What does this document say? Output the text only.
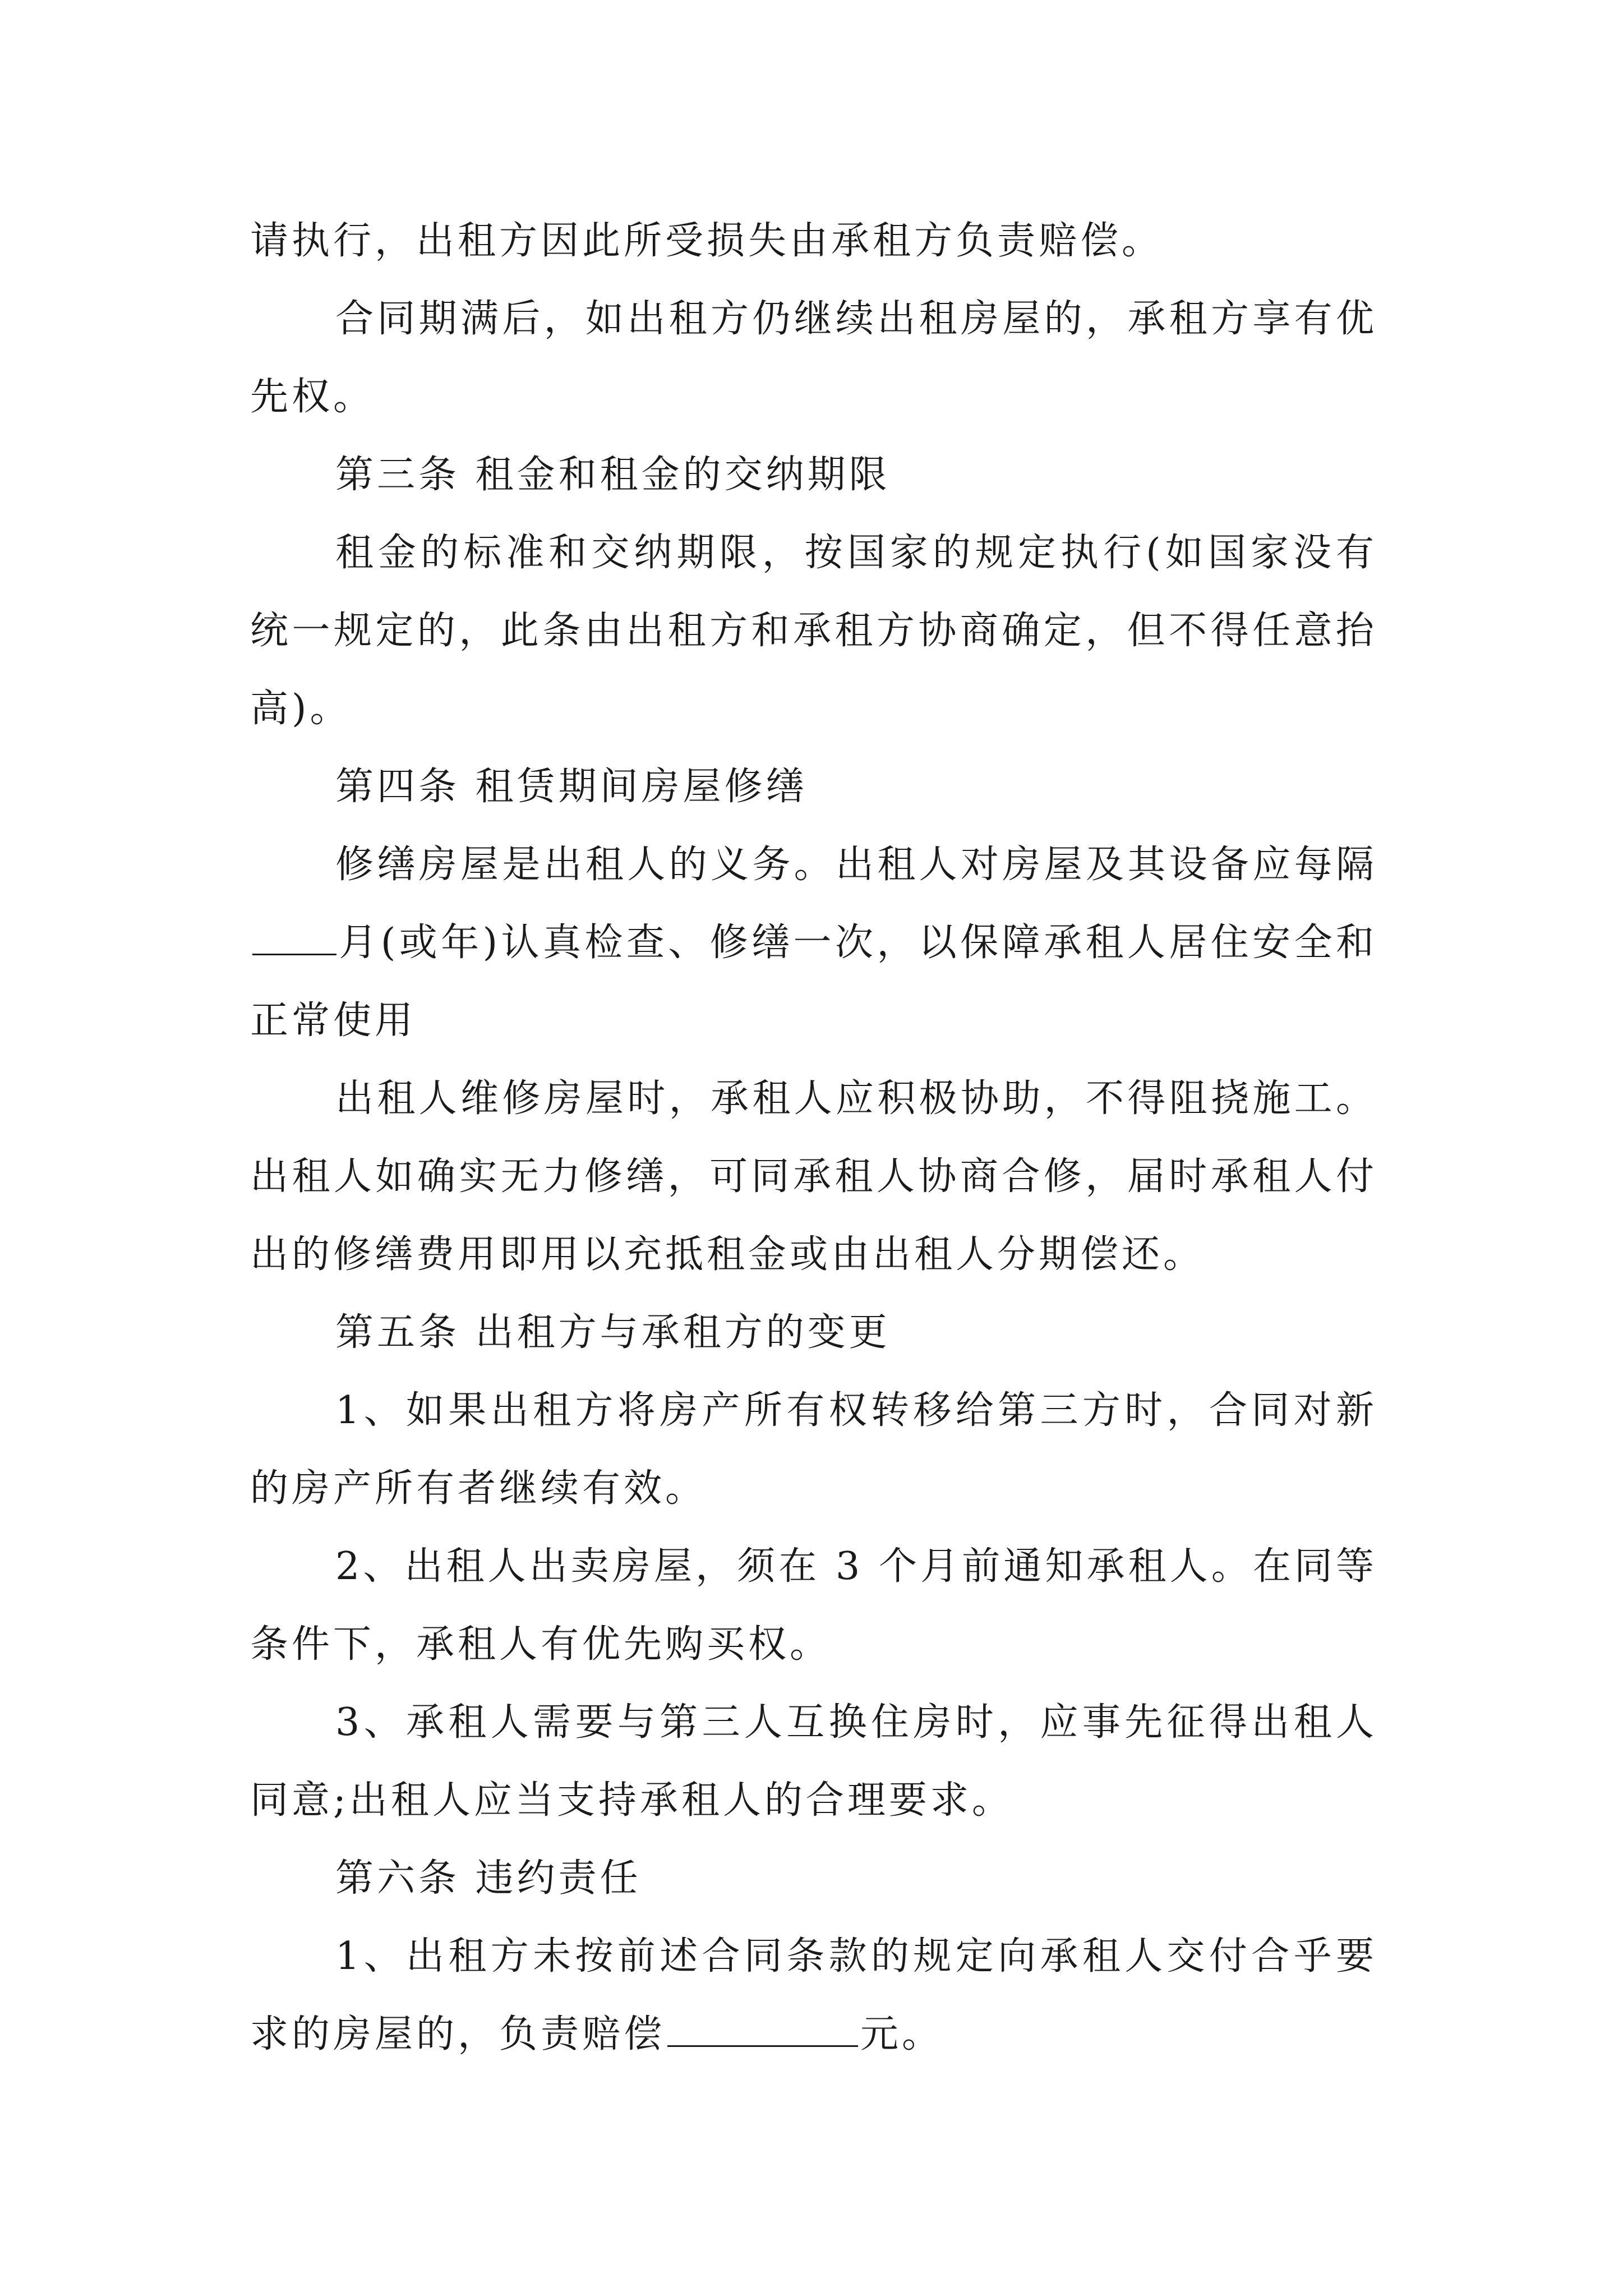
请执行，出租方因此所受损失由承租方负责赔偿。

合同期满后，如出租方仍继续出租房屋的，承租方享有优先权。

第三条 租金和租金的交纳期限

租金的标准和交纳期限，按国家的规定执行(如国家没有统一规定的，此条由出租方和承租方协商确定，但不得任意抬高)。

第四条 租赁期间房屋修缮

修缮房屋是出租人的义务。出租人对房屋及其设备应每隔月(或年)认真检查、修缮一次，以保障承租人居住安全和正常使用

出租人维修房屋时，承租人应积极协助，不得阻挠施工。出租人如确实无力修缮，可同承租人协商合修，届时承租人付出的修缮费用即用以充抵租金或由出租人分期偿还。

第五条 出租方与承租方的变更

1、如果出租方将房产所有权转移给第三方时，合同对新的房产所有者继续有效。

2、出租人出卖房屋，须在 3 个月前通知承租人。在同等条件下，承租人有优先购买权。

3、承租人需要与第三人互换住房时，应事先征得出租人同意;出租人应当支持承租人的合理要求。

第六条 违约责任

1、出租方未按前述合同条款的规定向承租人交付合乎要求的房屋的，负责赔偿	元。
